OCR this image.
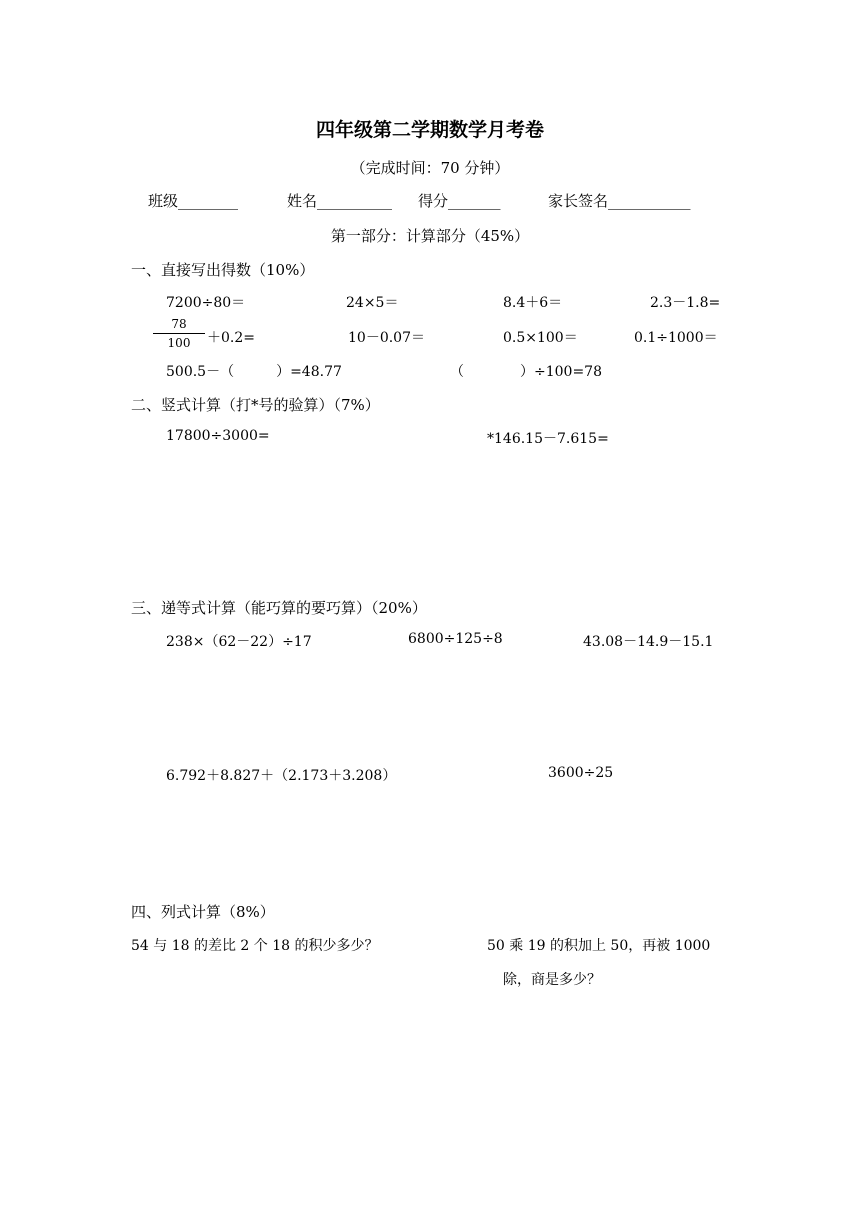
四年级第二学期数学月考卷
（完成时间：70 分钟）
班级________	姓名__________ 得分_______	家长签名___________
第一部分：计算部分（45%）
一、直接写出得数（10%）
7200÷80＝	24×5＝	8.4＋6＝	2.3－1.8=
78
100	＋0.2=	10－0.07＝	0.5×100＝	0.1÷1000＝
500.5－（　　　）=48.77	（　　　　）÷100=78
二、竖式计算（打*号的验算）（7%）
17800÷3000=	*146.15－7.615=
三、递等式计算（能巧算的要巧算）（20%）
238×（62－22）÷17	6800÷125÷8	43.08－14.9－15.1
6.792＋8.827＋（2.173＋3.208）	3600÷25
四、列式计算（8%）
54 与 18 的差比 2 个 18 的积少多少？	50 乘 19 的积加上 50，再被 1000
除，商是多少？
